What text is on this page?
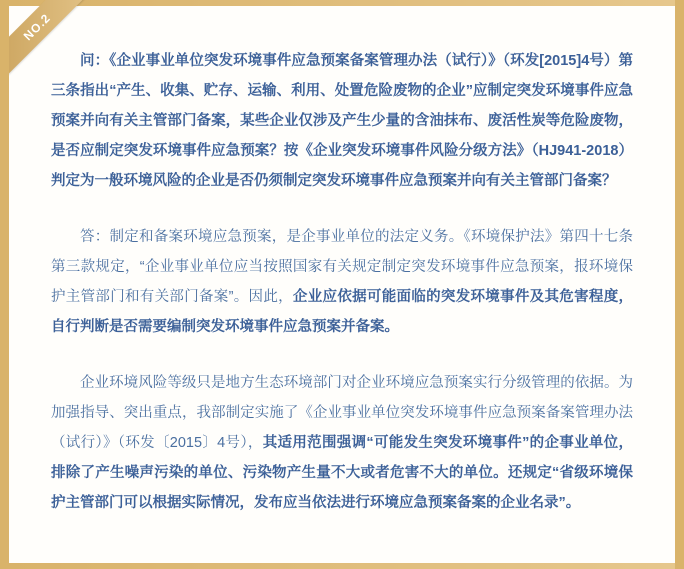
NO.2

问：《企业事业单位突发环境事件应急预案备案管理办法（试行）》（环发[2015]4号）第三条指出“产生、收集、贮存、运输、利用、处置危险废物的企业”应制定突发环境事件应急预案并向有关主管部门备案，某些企业仅涉及产生少量的含油抹布、废活性炭等危险废物，是否应制定突发环境事件应急预案？按《企业突发环境事件风险分级方法》（HJ941-2018）判定为一般环境风险的企业是否仍须制定突发环境事件应急预案并向有关主管部门备案？

答：制定和备案环境应急预案，是企事业单位的法定义务。《环境保护法》第四十七条第三款规定，“企业事业单位应当按照国家有关规定制定突发环境事件应急预案，报环境保护主管部门和有关部门备案”。因此，企业应依据可能面临的突发环境事件及其危害程度，自行判断是否需要编制突发环境事件应急预案并备案。

企业环境风险等级只是地方生态环境部门对企业环境应急预案实行分级管理的依据。为加强指导、突出重点，我部制定实施了《企业事业单位突发环境事件应急预案备案管理办法（试行）》（环发〔2015〕4号），其适用范围强调“可能发生突发环境事件”的企事业单位，排除了产生噪声污染的单位、污染物产生量不大或者危害不大的单位。还规定“省级环境保护主管部门可以根据实际情况，发布应当依法进行环境应急预案备案的企业名录”。
